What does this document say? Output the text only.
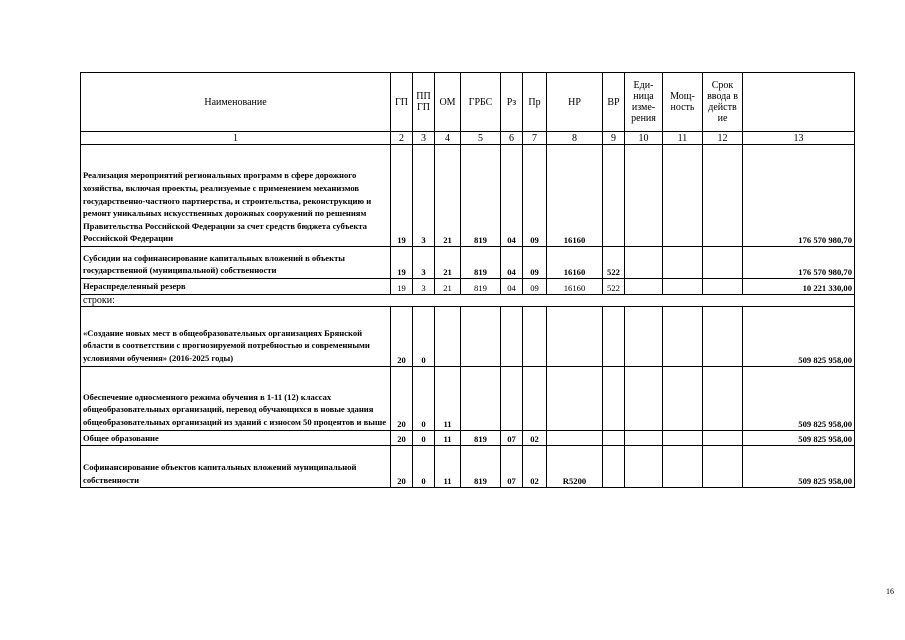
Наименование	ГП	ПП ГП	ОМ	ГРБС	Рз	Пр	НР	ВР	Еди-ница изме-рения	Мощ-ность	Срок ввода в действ ие	
1	2	3	4	5	6	7	8	9	10	11	12	13
Реализация мероприятий региональных программ в сфере дорожного хозяйства, включая проекты, реализуемые с применением механизмов государственно-частного партнерства, и строительства, реконструкцию и ремонт уникальных искусственных дорожных сооружений по решениям Правительства Российской Федерации за счет средств бюджета субъекта Российской Федерации	19	3	21	819	04	09	16160					176 570 980,70
Субсидии на софинансирование капитальных вложений в объекты государственной (муниципальной) собственности	19	3	21	819	04	09	16160	522				176 570 980,70
Нераспределенный резерв	19	3	21	819	04	09	16160	522				10 221 330,00
строки:												
«Создание новых мест в общеобразовательных организациях Брянской области в соответствии с прогнозируемой потребностью и современными условиями обучения» (2016-2025 годы)	20	0										509 825 958,00
Обеспечение односменного режима обучения в 1-11 (12) классах общеобразовательных организаций, перевод обучающихся в новые здания общеобразовательных организаций из зданий с износом 50 процентов и выше	20	0	11									509 825 958,00
Общее образование	20	0	11	819	07	02						509 825 958,00
Софинансирование объектов капитальных вложений муниципальной собственности	20	0	11	819	07	02	R5200					509 825 958,00
16
